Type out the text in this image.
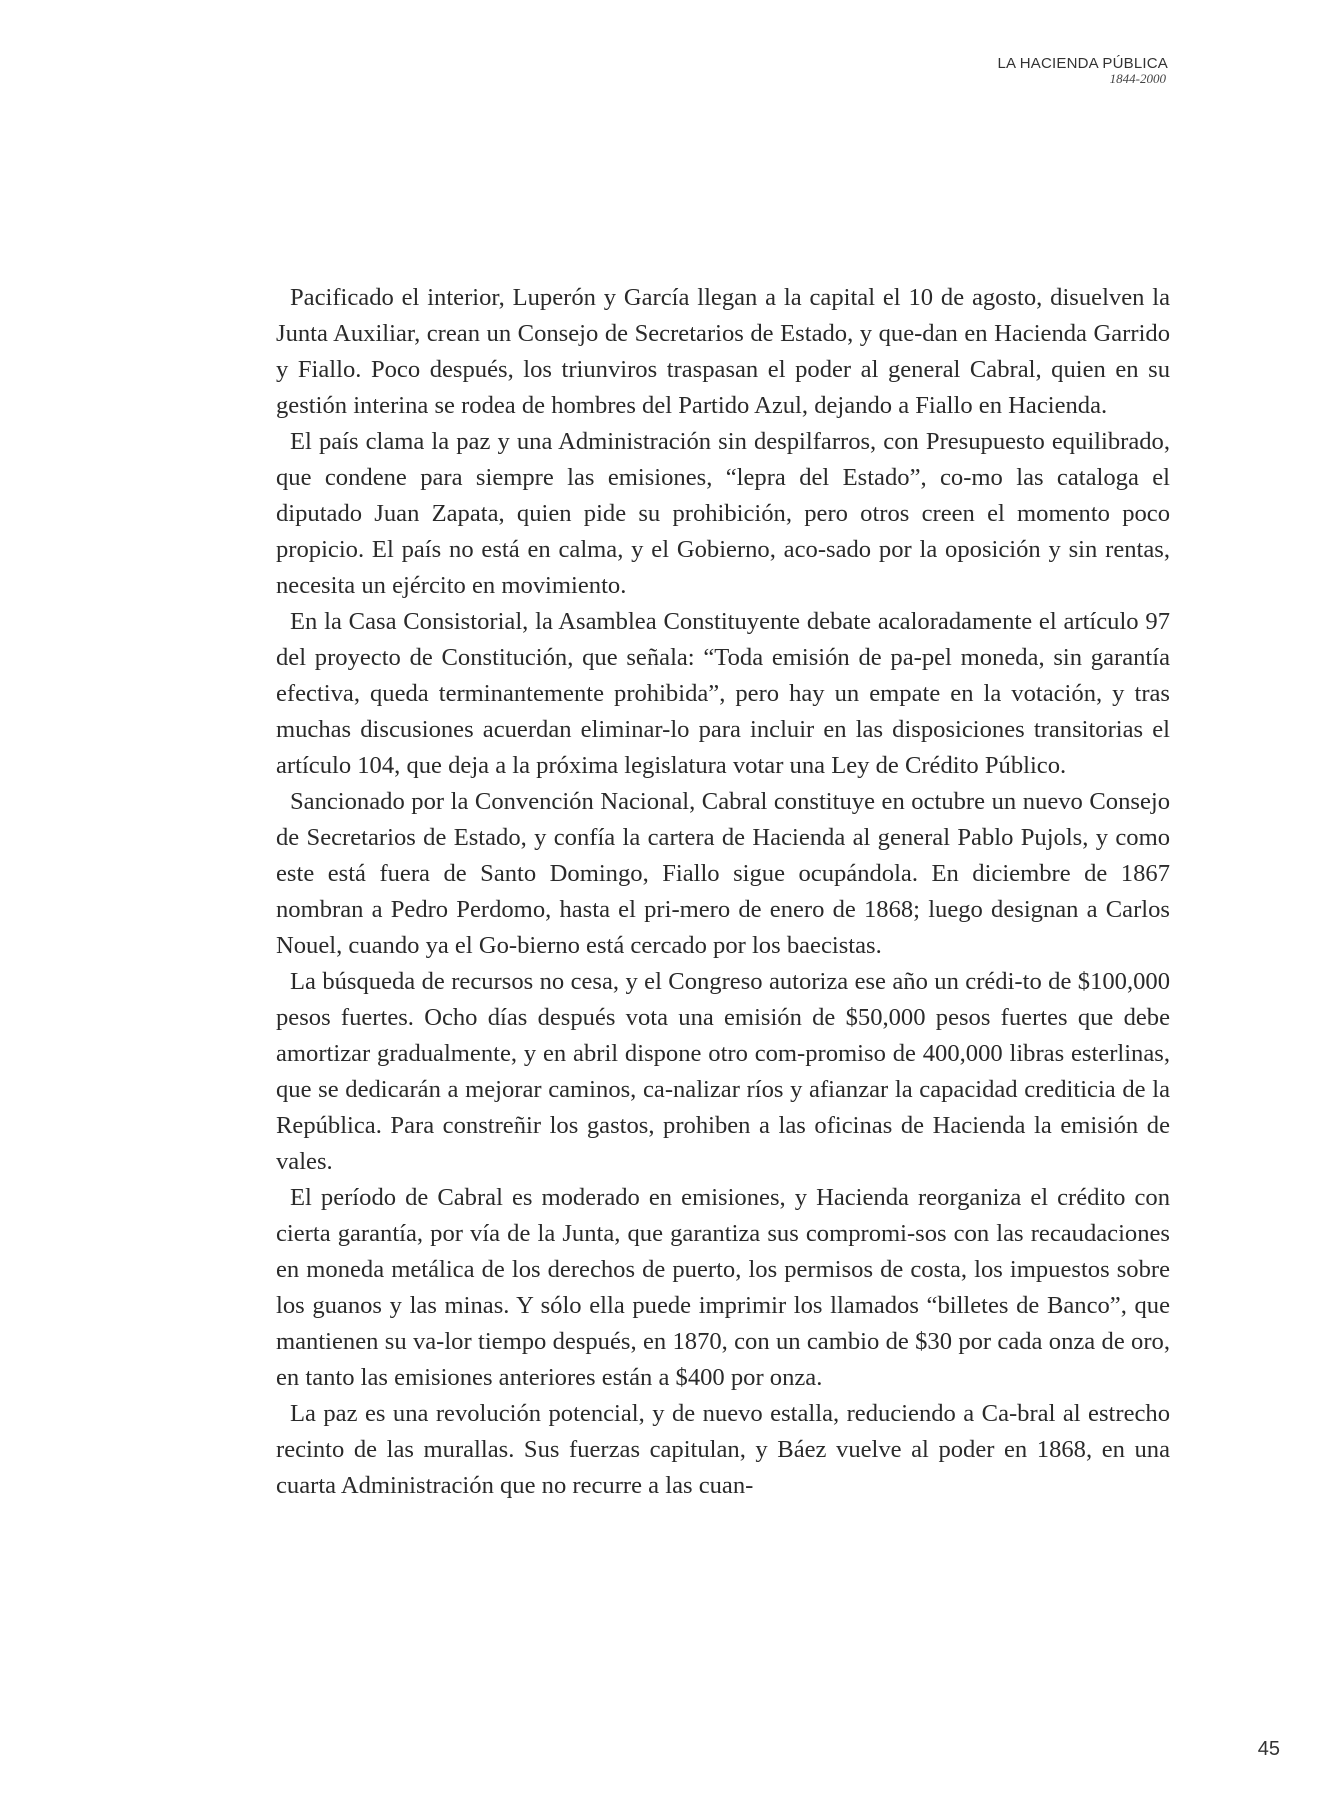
LA HACIENDA PÚBLICA
1844-2000

Pacificado el interior, Luperón y García llegan a la capital el 10 de agosto, disuelven la Junta Auxiliar, crean un Consejo de Secretarios de Estado, y que-dan en Hacienda Garrido y Fiallo. Poco después, los triunviros traspasan el poder al general Cabral, quien en su gestión interina se rodea de hombres del Partido Azul, dejando a Fiallo en Hacienda.

El país clama la paz y una Administración sin despilfarros, con Presupuesto equilibrado, que condene para siempre las emisiones, “lepra del Estado”, co-mo las cataloga el diputado Juan Zapata, quien pide su prohibición, pero otros creen el momento poco propicio. El país no está en calma, y el Gobierno, aco-sado por la oposición y sin rentas, necesita un ejército en movimiento.

En la Casa Consistorial, la Asamblea Constituyente debate acaloradamente el artículo 97 del proyecto de Constitución, que señala: “Toda emisión de pa-pel moneda, sin garantía efectiva, queda terminantemente prohibida”, pero hay un empate en la votación, y tras muchas discusiones acuerdan eliminar-lo para incluir en las disposiciones transitorias el artículo 104, que deja a la próxima legislatura votar una Ley de Crédito Público.

Sancionado por la Convención Nacional, Cabral constituye en octubre un nuevo Consejo de Secretarios de Estado, y confía la cartera de Hacienda al general Pablo Pujols, y como este está fuera de Santo Domingo, Fiallo sigue ocupándola. En diciembre de 1867 nombran a Pedro Perdomo, hasta el pri-mero de enero de 1868; luego designan a Carlos Nouel, cuando ya el Go-bierno está cercado por los baecistas.

La búsqueda de recursos no cesa, y el Congreso autoriza ese año un crédi-to de $100,000 pesos fuertes. Ocho días después vota una emisión de $50,000 pesos fuertes que debe amortizar gradualmente, y en abril dispone otro com-promiso de 400,000 libras esterlinas, que se dedicarán a mejorar caminos, ca-nalizar ríos y afianzar la capacidad crediticia de la República. Para constreñir los gastos, prohiben a las oficinas de Hacienda la emisión de vales.

El período de Cabral es moderado en emisiones, y Hacienda reorganiza el crédito con cierta garantía, por vía de la Junta, que garantiza sus compromi-sos con las recaudaciones en moneda metálica de los derechos de puerto, los permisos de costa, los impuestos sobre los guanos y las minas. Y sólo ella puede imprimir los llamados “billetes de Banco”, que mantienen su va-lor tiempo después, en 1870, con un cambio de $30 por cada onza de oro, en tanto las emisiones anteriores están a $400 por onza.

La paz es una revolución potencial, y de nuevo estalla, reduciendo a Ca-bral al estrecho recinto de las murallas. Sus fuerzas capitulan, y Báez vuelve al poder en 1868, en una cuarta Administración que no recurre a las cuan-

45
